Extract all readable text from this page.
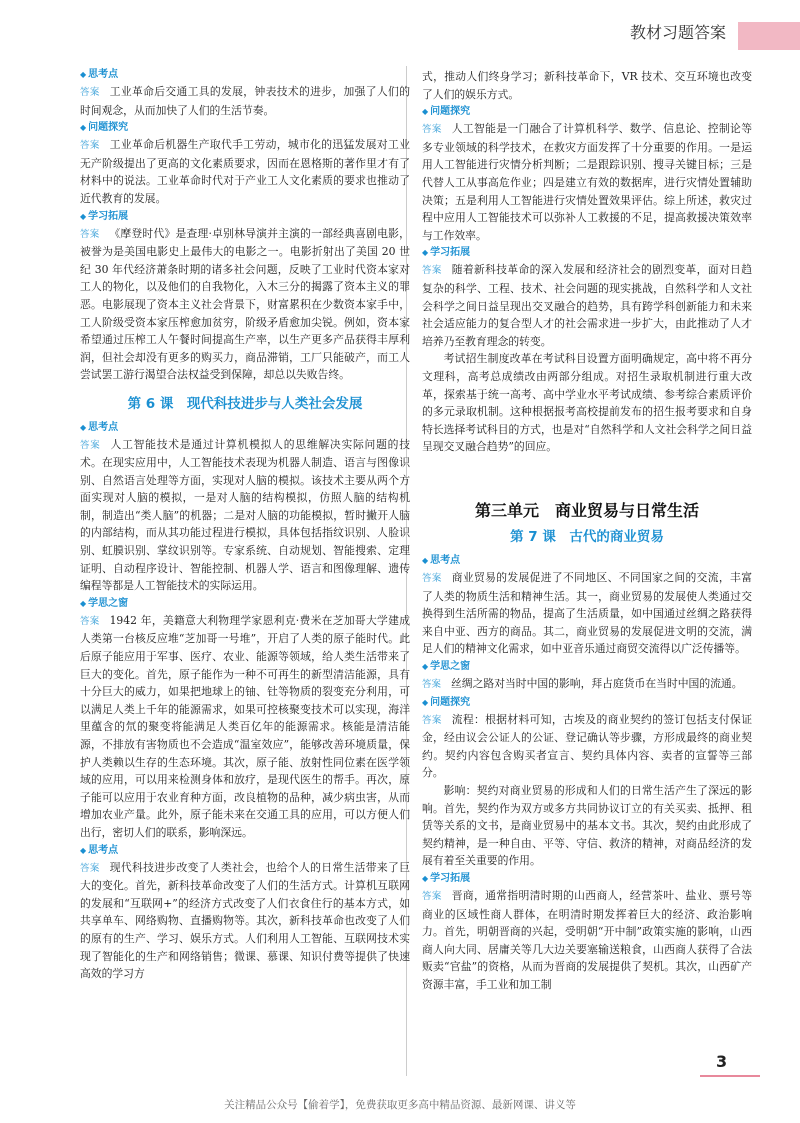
教材习题答案
◆ 思考点

答案 工业革命后交通工具的发展，钟表技术的进步，加强了人们的时间观念，从而加快了人们的生活节奏。

◆ 问题探究

答案 工业革命后机器生产取代手工劳动，城市化的迅猛发展对工业无产阶级提出了更高的文化素质要求，因而在恩格斯的著作里才有了材料中的说法。工业革命时代对于产业工人文化素质的要求也推动了近代教育的发展。

◆ 学习拓展

答案 《摩登时代》是查理·卓别林导演并主演的一部经典喜剧电影，被誉为是美国电影史上最伟大的电影之一。电影折射出了美国 20 世纪 30 年代经济萧条时期的诸多社会问题，反映了工业时代资本家对工人的物化，以及他们的自我物化，入木三分的揭露了资本主义的罪恶。电影展现了资本主义社会背景下，财富累积在少数资本家手中，工人阶级受资本家压榨愈加贫穷，阶级矛盾愈加尖锐。例如，资本家希望通过压榨工人午餐时间提高生产率，以生产更多产品获得丰厚利润，但社会却没有更多的购买力，商品滞销，工厂只能破产，而工人尝试罢工游行渴望合法权益受到保障，却总以失败告终。

第 6 课　现代科技进步与人类社会发展
◆ 思考点

答案 人工智能技术是通过计算机模拟人的思维解决实际问题的技术。在现实应用中，人工智能技术表现为机器人制造、语言与图像识别、自然语言处理等方面，实现对人脑的模拟。该技术主要从两个方面实现对人脑的模拟，一是对人脑的结构模拟，仿照人脑的结构机制，制造出“类人脑”的机器；二是对人脑的功能模拟，暂时撇开人脑的内部结构，而从其功能过程进行模拟，具体包括指纹识别、人脸识别、虹膜识别、掌纹识别等。专家系统、自动规划、智能搜索、定理证明、自动程序设计、智能控制、机器人学、语言和图像理解、遗传编程等都是人工智能技术的实际运用。

◆ 学思之窗

答案 1942 年，美籍意大利物理学家恩利克·费米在芝加哥大学建成人类第一台核反应堆“芝加哥一号堆”，开启了人类的原子能时代。此后原子能应用于军事、医疗、农业、能源等领域，给人类生活带来了巨大的变化。首先，原子能作为一种不可再生的新型清洁能源，具有十分巨大的威力，如果把地球上的铀、钍等物质的裂变充分利用，可以满足人类上千年的能源需求，如果可控核聚变技术可以实现，海洋里蕴含的氘的聚变将能满足人类百亿年的能源需求。核能是清洁能源，不排放有害物质也不会造成“温室效应”，能够改善环境质量，保护人类赖以生存的生态环境。其次，原子能、放射性同位素在医学领域的应用，可以用来检测身体和放疗，是现代医生的帮手。再次，原子能可以应用于农业育种方面，改良植物的品种，减少病虫害，从而增加农业产量。此外，原子能未来在交通工具的应用，可以方便人们出行，密切人们的联系，影响深远。

◆ 思考点

答案 现代科技进步改变了人类社会，也给个人的日常生活带来了巨大的变化。首先，新科技革命改变了人们的生活方式。计算机互联网的发展和“互联网+”的经济方式改变了人们衣食住行的基本方式，如共享单车、网络购物、直播购物等。其次，新科技革命也改变了人们的原有的生产、学习、娱乐方式。人们利用人工智能、互联网技术实现了智能化的生产和网络销售；微课、慕课、知识付费等提供了快速高效的学习方

式，推动人们终身学习；新科技革命下，VR 技术、交互环境也改变了人们的娱乐方式。

◆ 问题探究

答案 人工智能是一门融合了计算机科学、数学、信息论、控制论等多专业领域的科学技术，在救灾方面发挥了十分重要的作用。一是运用人工智能进行灾情分析判断；二是跟踪识别、搜寻关键目标；三是代替人工从事高危作业；四是建立有效的数据库，进行灾情处置辅助决策；五是利用人工智能进行灾情处置效果评估。综上所述，救灾过程中应用人工智能技术可以弥补人工救援的不足，提高救援决策效率与工作效率。

◆ 学习拓展

答案 随着新科技革命的深入发展和经济社会的剧烈变革，面对日趋复杂的科学、工程、技术、社会问题的现实挑战，自然科学和人文社会科学之间日益呈现出交叉融合的趋势，具有跨学科创新能力和未来社会适应能力的复合型人才的社会需求进一步扩大，由此推动了人才培养乃至教育理念的转变。

考试招生制度改革在考试科目设置方面明确规定，高中将不再分文理科，高考总成绩改由两部分组成。对招生录取机制进行重大改革，探索基于统一高考、高中学业水平考试成绩、参考综合素质评价的多元录取机制。这种根据报考高校提前发布的招生报考要求和自身特长选择考试科目的方式，也是对“自然科学和人文社会科学之间日益呈现交叉融合趋势”的回应。

第三单元　商业贸易与日常生活
第 7 课　古代的商业贸易
◆ 思考点

答案 商业贸易的发展促进了不同地区、不同国家之间的交流，丰富了人类的物质生活和精神生活。其一，商业贸易的发展使人类通过交换得到生活所需的物品，提高了生活质量，如中国通过丝绸之路获得来自中亚、西方的商品。其二，商业贸易的发展促进文明的交流，满足人们的精神文化需求，如中亚音乐通过商贸交流得以广泛传播等。

◆ 学思之窗

答案 丝绸之路对当时中国的影响，拜占庭货币在当时中国的流通。

◆ 问题探究

答案 流程：根据材料可知，古埃及的商业契约的签订包括支付保证金，经由议会公证人的公证、登记确认等步骤，方形成最终的商业契约。契约内容包含购买者宣言、契约具体内容、卖者的宣誓等三部分。

影响：契约对商业贸易的形成和人们的日常生活产生了深远的影响。首先，契约作为双方或多方共同协议订立的有关买卖、抵押、租赁等关系的文书，是商业贸易中的基本文书。其次，契约由此形成了契约精神，是一种自由、平等、守信、救济的精神，对商品经济的发展有着至关重要的作用。

◆ 学习拓展

答案 晋商，通常指明清时期的山西商人，经营茶叶、盐业、票号等商业的区域性商人群体，在明清时期发挥着巨大的经济、政治影响力。首先，明朝晋商的兴起，受明朝“开中制”政策实施的影响，山西商人向大同、居庸关等几大边关要塞输送粮食，山西商人获得了合法贩卖“官盐”的资格，从而为晋商的发展提供了契机。其次，山西矿产资源丰富，手工业和加工制

3
关注精品公众号【偷着学】，免费获取更多高中精品资源、最新网课、讲义等
